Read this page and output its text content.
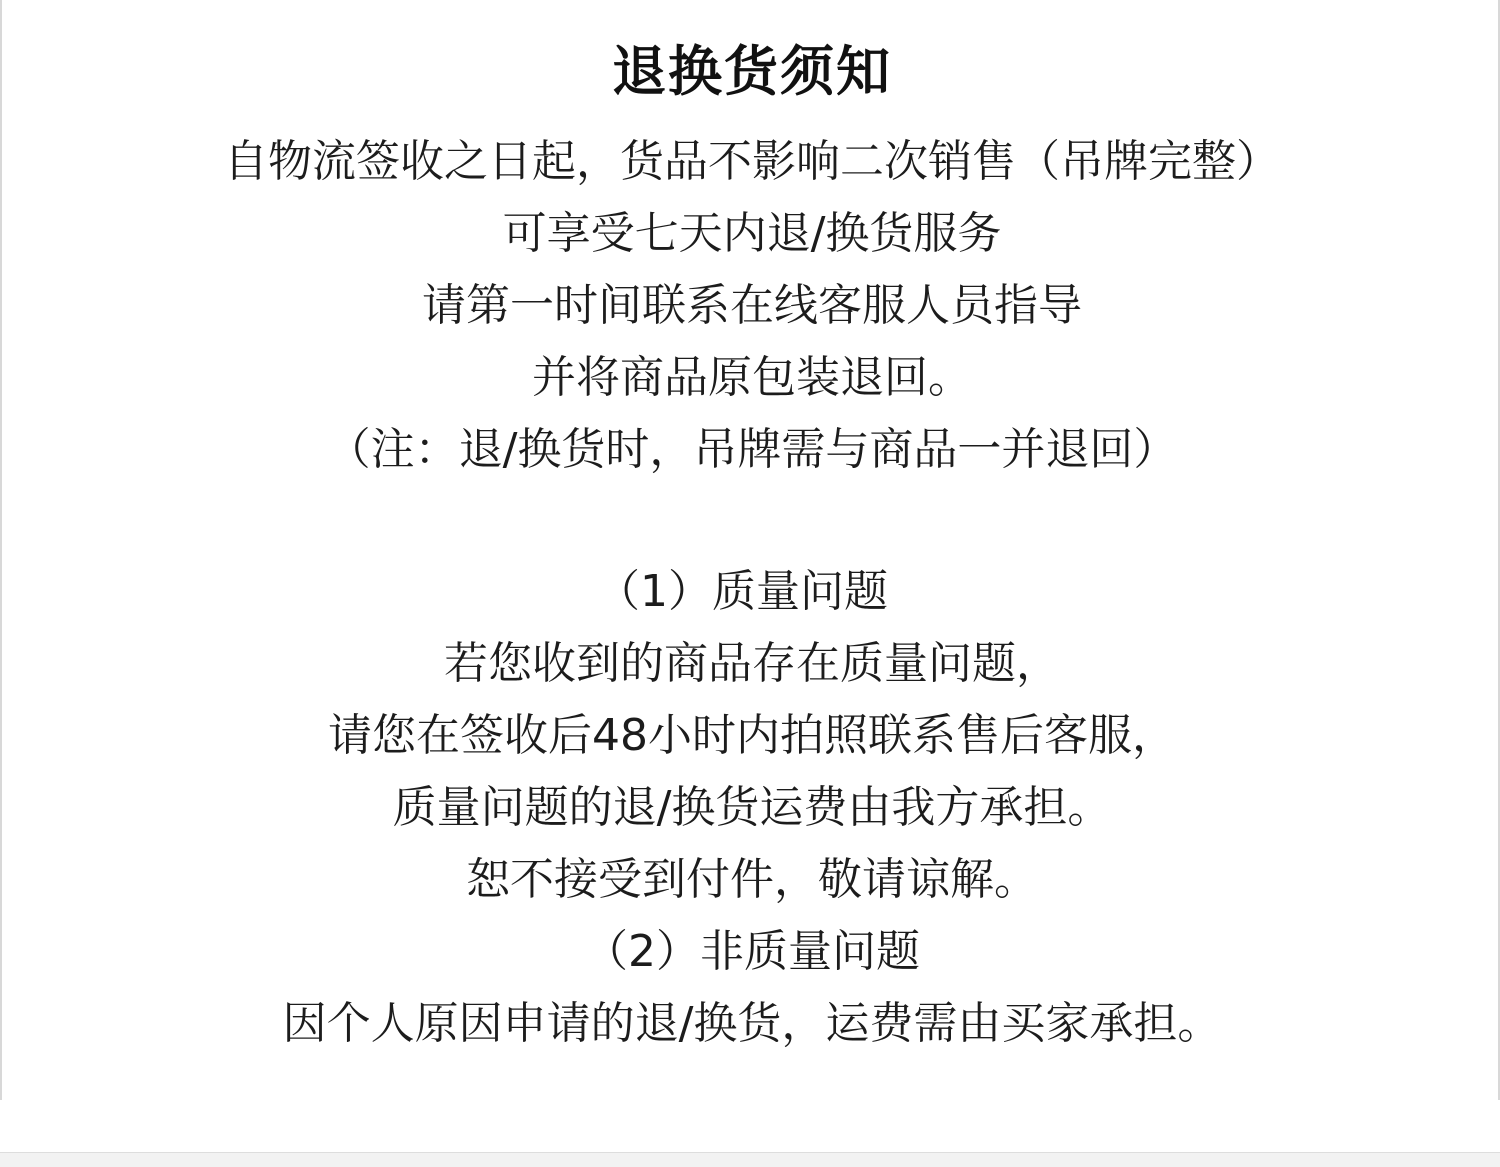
退换货须知
自物流签收之日起，货品不影响二次销售（吊牌完整）
可享受七天内退/换货服务
请第一时间联系在线客服人员指导
并将商品原包装退回。
（注：退/换货时，吊牌需与商品一并退回）
（1）质量问题
若您收到的商品存在质量问题，
请您在签收后48小时内拍照联系售后客服，
质量问题的退/换货运费由我方承担。
恕不接受到付件，敬请谅解。
（2）非质量问题
因个人原因申请的退/换货，运费需由买家承担。
